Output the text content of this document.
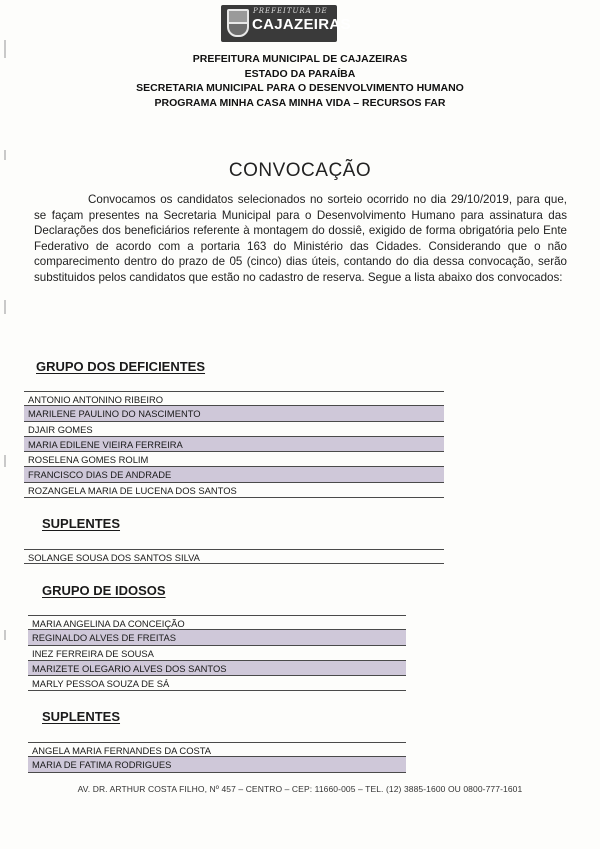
PREFEITURA DE
CAJAZEIRAS
PREFEITURA MUNICIPAL DE CAJAZEIRAS
ESTADO DA PARAÍBA
SECRETARIA MUNICIPAL PARA O DESENVOLVIMENTO HUMANO
PROGRAMA MINHA CASA MINHA VIDA – RECURSOS FAR
CONVOCAÇÃO
Convocamos os candidatos selecionados no sorteio ocorrido no dia 29/10/2019, para que, se façam presentes na Secretaria Municipal para o Desenvolvimento Humano para assinatura das Declarações dos beneficiários referente à montagem do dossiê, exigido de forma obrigatória pelo Ente Federativo de acordo com a portaria 163 do Ministério das Cidades. Considerando que o não comparecimento dentro do prazo de 05 (cinco) dias úteis, contando do dia dessa convocação, serão substituidos pelos candidatos que estão no cadastro de reserva. Segue a lista abaixo dos convocados:
GRUPO DOS DEFICIENTES
ANTONIO ANTONINO RIBEIRO
MARILENE PAULINO DO NASCIMENTO
DJAIR GOMES
MARIA EDILENE VIEIRA FERREIRA
ROSELENA GOMES ROLIM
FRANCISCO DIAS DE ANDRADE
ROZANGELA MARIA DE LUCENA DOS SANTOS
SUPLENTES
SOLANGE SOUSA DOS SANTOS SILVA
GRUPO DE IDOSOS
MARIA ANGELINA DA CONCEIÇÃO
REGINALDO ALVES DE FREITAS
INEZ FERREIRA DE SOUSA
MARIZETE OLEGARIO ALVES DOS SANTOS
MARLY PESSOA SOUZA DE SÁ
SUPLENTES
ANGELA MARIA FERNANDES DA COSTA
MARIA DE FATIMA RODRIGUES
AV. DR. ARTHUR COSTA FILHO, Nº 457 – CENTRO – CEP: 11660-005 – TEL. (12) 3885-1600 OU 0800-777-1601
